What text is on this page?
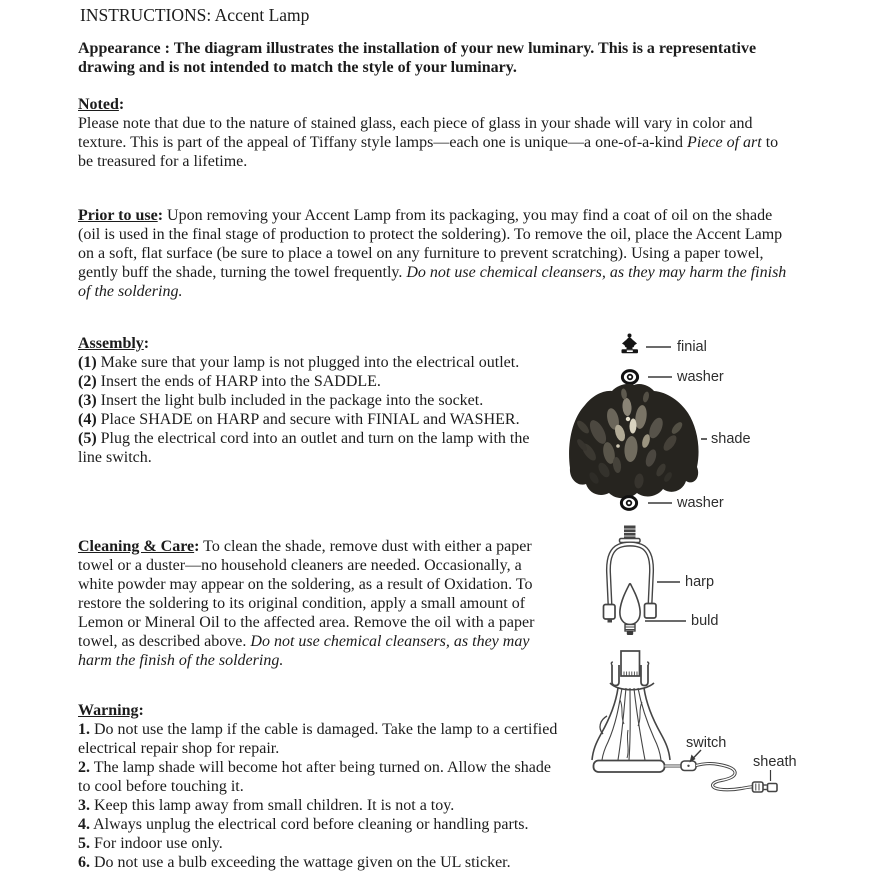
INSTRUCTIONS: Accent Lamp
Appearance : The diagram illustrates the installation of your new luminary. This is a representative drawing and is not intended to match the style of your luminary.
Noted:
Please note that due to the nature of stained glass, each piece of glass in your shade will vary in color and texture. This is part of the appeal of Tiffany style lamps—each one is unique—a one-of-a-kind Piece of art to be treasured for a lifetime.
Prior to use: Upon removing your Accent Lamp from its packaging, you may find a coat of oil on the shade (oil is used in the final stage of production to protect the soldering). To remove the oil, place the Accent Lamp on a soft, flat surface (be sure to place a towel on any furniture to prevent scratching). Using a paper towel, gently buff the shade, turning the towel frequently. Do not use chemical cleansers, as they may harm the finish of the soldering.
Assembly:
(1) Make sure that your lamp is not plugged into the electrical outlet.
(2) Insert the ends of HARP into the SADDLE.
(3) Insert the light bulb included in the package into the socket.
(4) Place SHADE on HARP and secure with FINIAL and WASHER.
(5) Plug the electrical cord into an outlet and turn on the lamp with the line switch.
Cleaning & Care: To clean the shade, remove dust with either a paper towel or a duster—no household cleaners are needed. Occasionally, a white powder may appear on the soldering, as a result of Oxidation. To restore the soldering to its original condition, apply a small amount of Lemon or Mineral Oil to the affected area. Remove the oil with a paper towel, as described above. Do not use chemical cleansers, as they may harm the finish of the soldering.
Warning:
1. Do not use the lamp if the cable is damaged. Take the lamp to a certified electrical repair shop for repair.
2. The lamp shade will become hot after being turned on. Allow the shade to cool before touching it.
3. Keep this lamp away from small children. It is not a toy.
4. Always unplug the electrical cord before cleaning or handling parts.
5. For indoor use only.
6. Do not use a bulb exceeding the wattage given on the UL sticker.
finial
washer
shade
washer
harp
buld
switch
sheath
